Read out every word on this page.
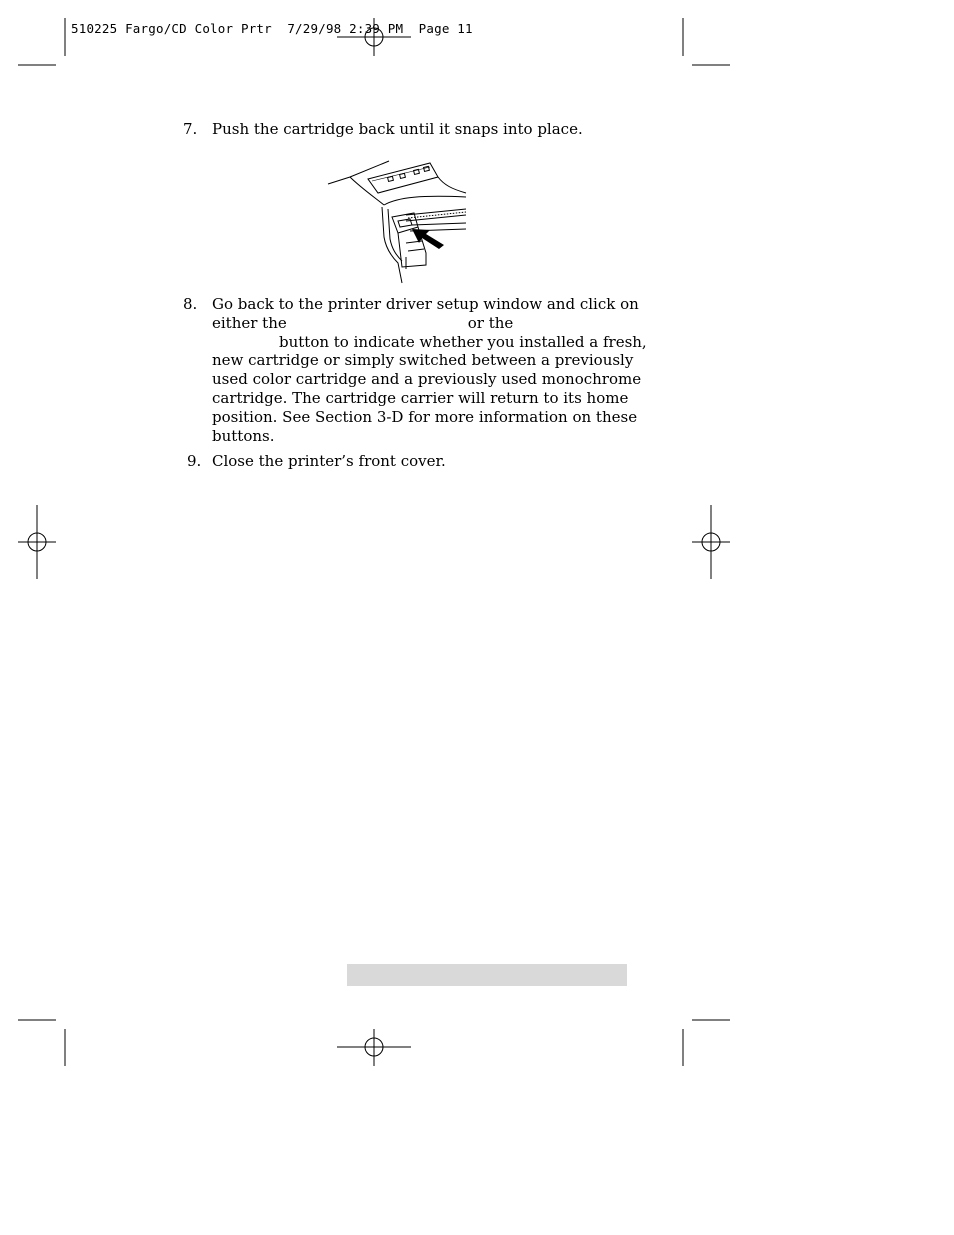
510225 Fargo/CD Color Prtr  7/29/98 2:39 PM  Page 11
7. Push the cartridge back until it snaps into place.
8. Go back to the printer driver setup window and click on
either the	or the
button to indicate whether you installed a fresh,
new cartridge or simply switched between a previously
used color cartridge and a previously used monochrome
cartridge. The cartridge carrier will return to its home
position. See Section 3-D for more information on these
buttons.
9. Close the printer’s front cover.
